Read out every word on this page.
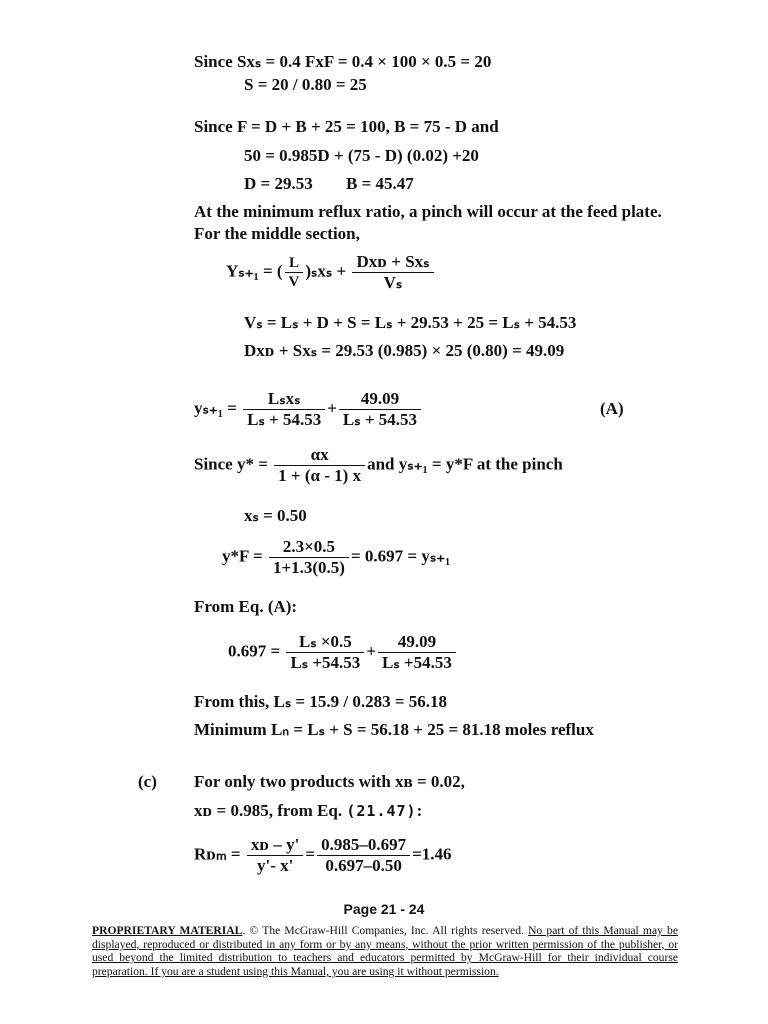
Since Sxₛ = 0.4 FxF = 0.4 × 100 × 0.5 = 20
S = 20 / 0.80 = 25
Since F = D + B + 25 = 100, B = 75 - D and
50 = 0.985D + (75 - D) (0.02) +20
D = 29.53 B = 45.47
At the minimum reflux ratio, a pinch will occur at the feed plate.
For the middle section,
Yₛ₊₁ = ( $\frac{L}{V} )_sx_s + \frac{\text{Dxᴅ + Sxₛ}}{\text{Vₛ}}$
Vₛ = Lₛ + D + S = Lₛ + 29.53 + 25 = Lₛ + 54.53
Dxᴅ + Sxₛ = 29.53 (0.985) × 25 (0.80) = 49.09
$y_{s+1} = \frac{\text{Lₛxₛ}}{\text{Lₛ + 54.53}} + \frac{49.09}{\text{Lₛ + 54.53}}$	(A)
Since $y* = \frac{\alpha x}{1 + (\alpha - 1) x}$ and yₛ₊₁ = y*F at the pinch
xₛ = 0.50
$y*F = \frac{2.3\times 0.5}{1+1.3(0.5)} = 0.697 = y_{s+1}$
From Eq. (A):
$0.697 = \frac{\text{Lₛ ×0.5}}{\text{Lₛ +54.53}} + \frac{49.09}{\text{Lₛ +54.53}}$
From this, Lₛ = 15.9 / 0.283 = 56.18
Minimum Lₙ = Lₛ + S = 56.18 + 25 = 81.18 moles reflux
(c) For only two products with xʙ = 0.02,
xᴅ = 0.985, from Eq. (21.47):
Rᴅₘ = $\frac{\text{xᴅ – y'}}{y'- x'} = \frac{0.985-0.697}{0.697-0.50} =1.46$
Page 21 - 24
PROPRIETARY MATERIAL. © The McGraw-Hill Companies, Inc. All rights reserved. No part of this Manual may be displayed, reproduced or distributed in any form or by any means, without the prior written permission of the publisher, or used beyond the limited distribution to teachers and educators permitted by McGraw-Hill for their individual course preparation. If you are a student using this Manual, you are using it without permission.
